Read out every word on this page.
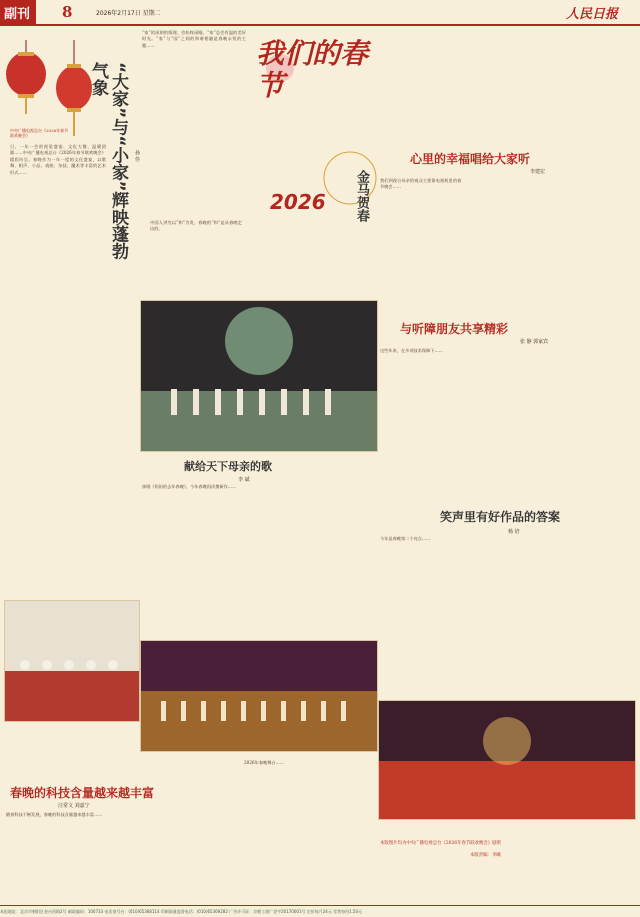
副刊 8	2026年2月17日 星期二	人民日报
“大家”与“小家”辉映蓬勃气象
孙 佳
中央广播电视总台《2026年春节联欢晚会》
日，一年一会的视觉盛宴、文化大餐、温暖团圆……中央广播电视总台《2026年春节联欢晚会》精彩纷呈。春晚作为一年一度的文化盛宴，以歌舞、相声、小品、戏曲、杂技、魔术等丰富的艺术形式……
“家”的深刻的情理，会始终闭眼，“家”总会有温的美好时光。“家”与“国”之间的和谐相融是春晚永恒的主题……
中国人讲究以“和”为贵，春晚的“和”是从春晚走出的。
我们的春节
2026 金马贺春
心里的幸福唱给大家听
李建宏
我们到视台母亲的观众主要靠电视机里的春节晚会……
与听障朋友共享精彩
张 静 郭家宾
这些年来，在多项技术保障下……
献给天下母亲的歌
李 斌
演唱《妈妈的去年春晚》，今年春晚再次携新作……
笑声里有好作品的答案
杨 培
今年是春晚第二个亮点……
春晚的科技含量越来越丰富
汪常文 刘嘉宁
随着科技不断发展，春晚的科技含量越来越丰富……
2026年春晚舞台……
本版图片均为中央广播电视总台《2026年春节联欢晚会》剧照
本版责编：李曦
本报地址：北京市朝阳区金台西路2号 邮政编码：100733 电话查号台：(010)65368114 印刷质量监督电话：(010)65369282 广告许可证：京朝工商广登字20170001号 定价每月24元 零售每份1.50元
